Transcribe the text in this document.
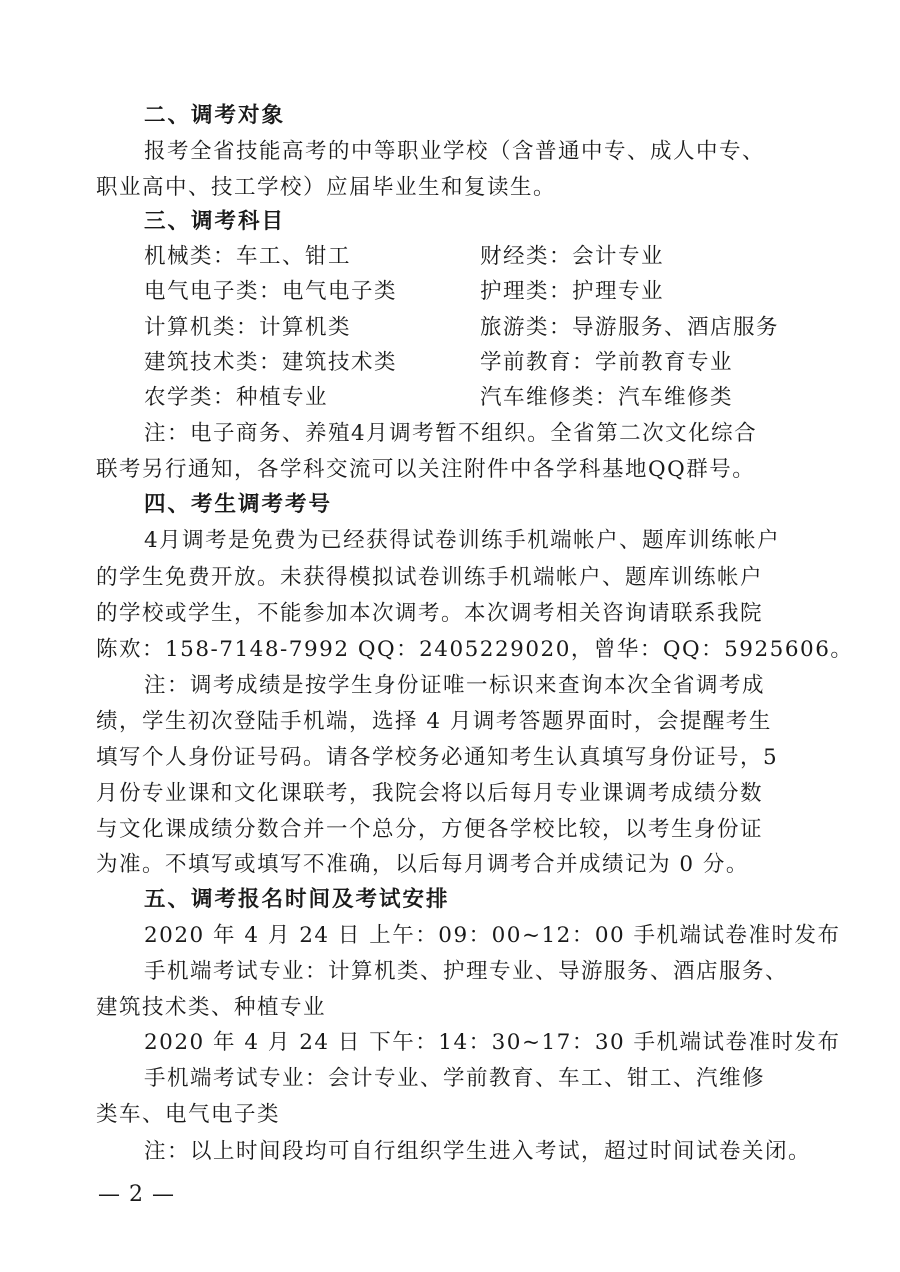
二、调考对象
报考全省技能高考的中等职业学校（含普通中专、成人中专、
职业高中、技工学校）应届毕业生和复读生。
三、调考科目
机械类：车工、钳工	财经类：会计专业
电气电子类：电气电子类	护理类：护理专业
计算机类：计算机类	旅游类：导游服务、酒店服务
建筑技术类：建筑技术类	学前教育：学前教育专业
农学类：种植专业	汽车维修类：汽车维修类
注：电子商务、养殖4月调考暂不组织。全省第二次文化综合
联考另行通知，各学科交流可以关注附件中各学科基地QQ群号。
四、考生调考考号
4月调考是免费为已经获得试卷训练手机端帐户、题库训练帐户
的学生免费开放。未获得模拟试卷训练手机端帐户、题库训练帐户
的学校或学生，不能参加本次调考。本次调考相关咨询请联系我院
陈欢：158-7148-7992 QQ：2405229020，曾华：QQ：5925606。
注：调考成绩是按学生身份证唯一标识来查询本次全省调考成
绩，学生初次登陆手机端，选择 4 月调考答题界面时，会提醒考生
填写个人身份证号码。请各学校务必通知考生认真填写身份证号，5
月份专业课和文化课联考，我院会将以后每月专业课调考成绩分数
与文化课成绩分数合并一个总分，方便各学校比较，以考生身份证
为准。不填写或填写不准确，以后每月调考合并成绩记为 0 分。
五、调考报名时间及考试安排
2020 年 4 月 24 日 上午：09：00~12：00 手机端试卷准时发布
手机端考试专业：计算机类、护理专业、导游服务、酒店服务、
建筑技术类、种植专业
2020 年 4 月 24 日 下午：14：30~17：30 手机端试卷准时发布
手机端考试专业：会计专业、学前教育、车工、钳工、汽维修
类车、电气电子类
注：以上时间段均可自行组织学生进入考试，超过时间试卷关闭。
— 2 —
